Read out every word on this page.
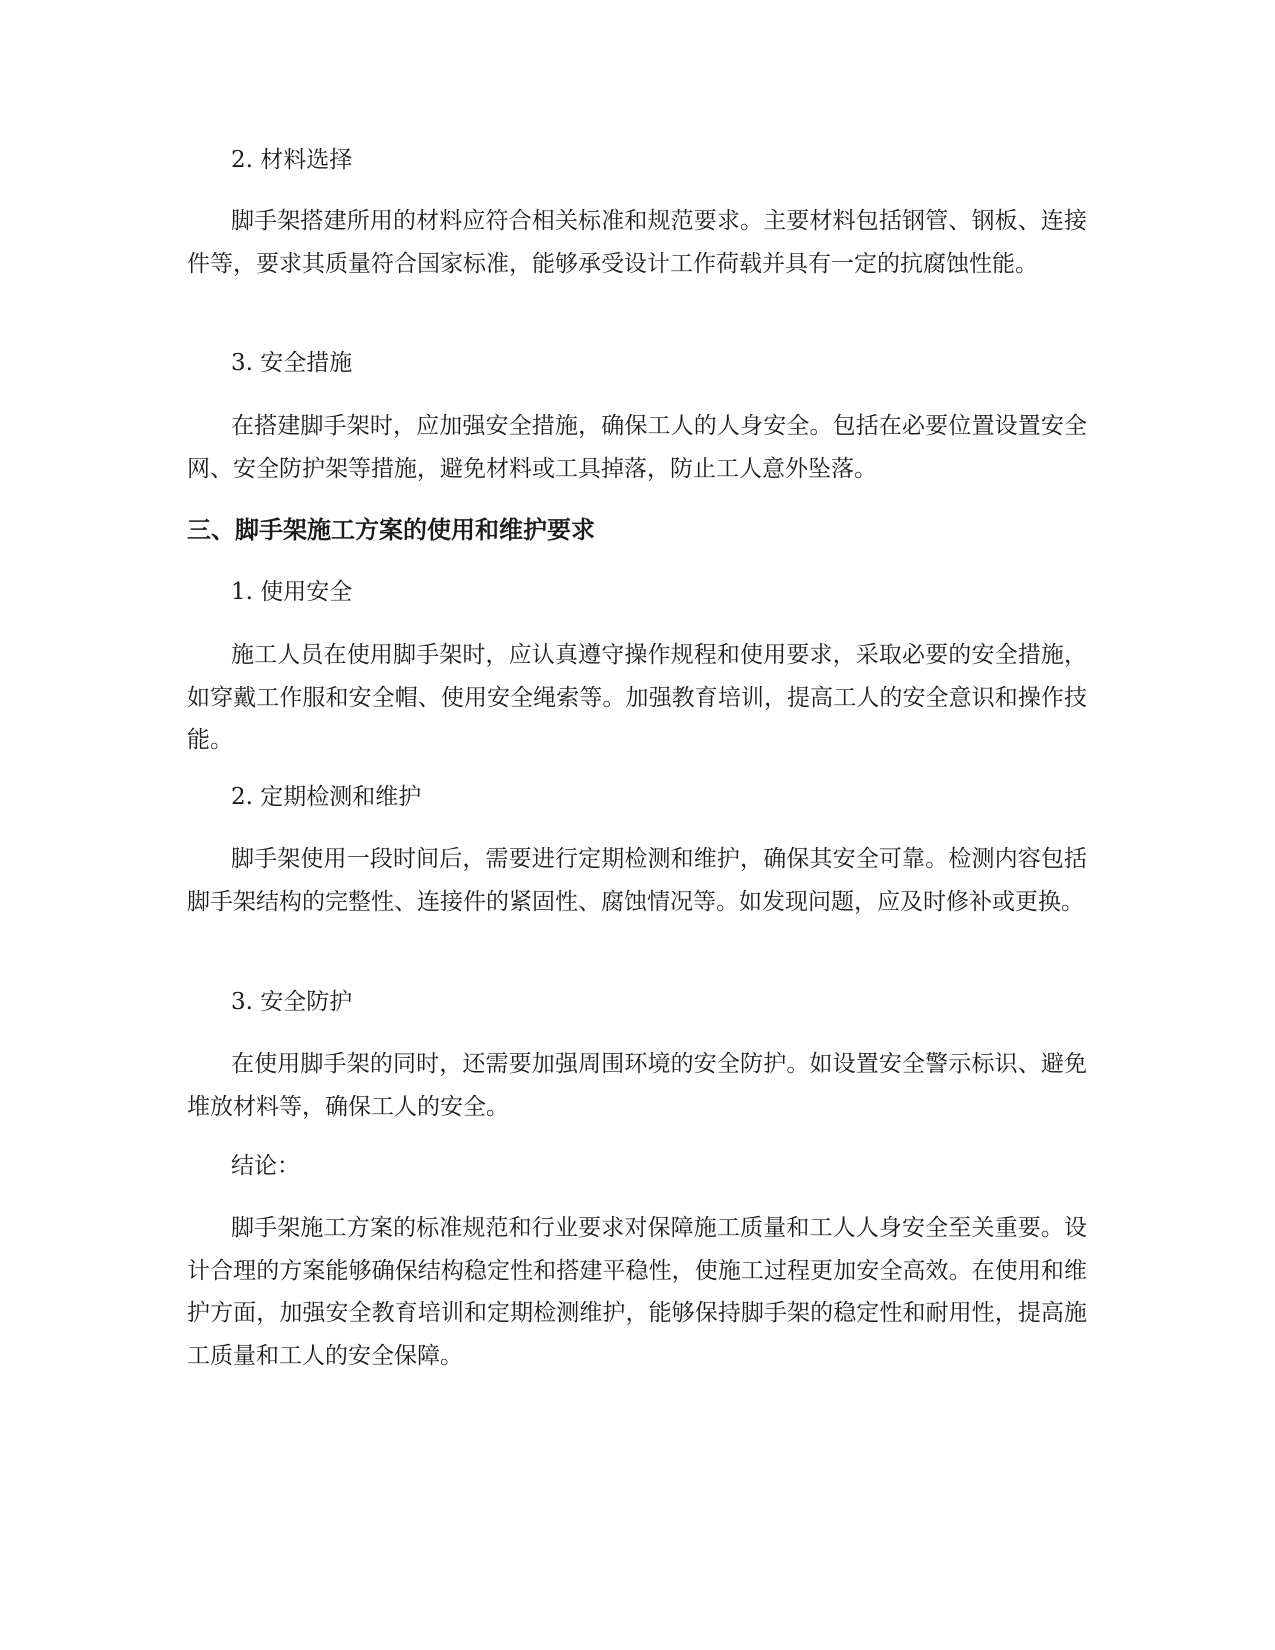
2. 材料选择

脚手架搭建所用的材料应符合相关标准和规范要求。主要材料包括钢管、钢板、连接件等，要求其质量符合国家标准，能够承受设计工作荷载并具有一定的抗腐蚀性能。

3. 安全措施

在搭建脚手架时，应加强安全措施，确保工人的人身安全。包括在必要位置设置安全网、安全防护架等措施，避免材料或工具掉落，防止工人意外坠落。

三、脚手架施工方案的使用和维护要求

1. 使用安全

施工人员在使用脚手架时，应认真遵守操作规程和使用要求，采取必要的安全措施，如穿戴工作服和安全帽、使用安全绳索等。加强教育培训，提高工人的安全意识和操作技能。

2. 定期检测和维护

脚手架使用一段时间后，需要进行定期检测和维护，确保其安全可靠。检测内容包括脚手架结构的完整性、连接件的紧固性、腐蚀情况等。如发现问题，应及时修补或更换。

3. 安全防护

在使用脚手架的同时，还需要加强周围环境的安全防护。如设置安全警示标识、避免堆放材料等，确保工人的安全。

结论：

脚手架施工方案的标准规范和行业要求对保障施工质量和工人人身安全至关重要。设计合理的方案能够确保结构稳定性和搭建平稳性，使施工过程更加安全高效。在使用和维护方面，加强安全教育培训和定期检测维护，能够保持脚手架的稳定性和耐用性，提高施工质量和工人的安全保障。
